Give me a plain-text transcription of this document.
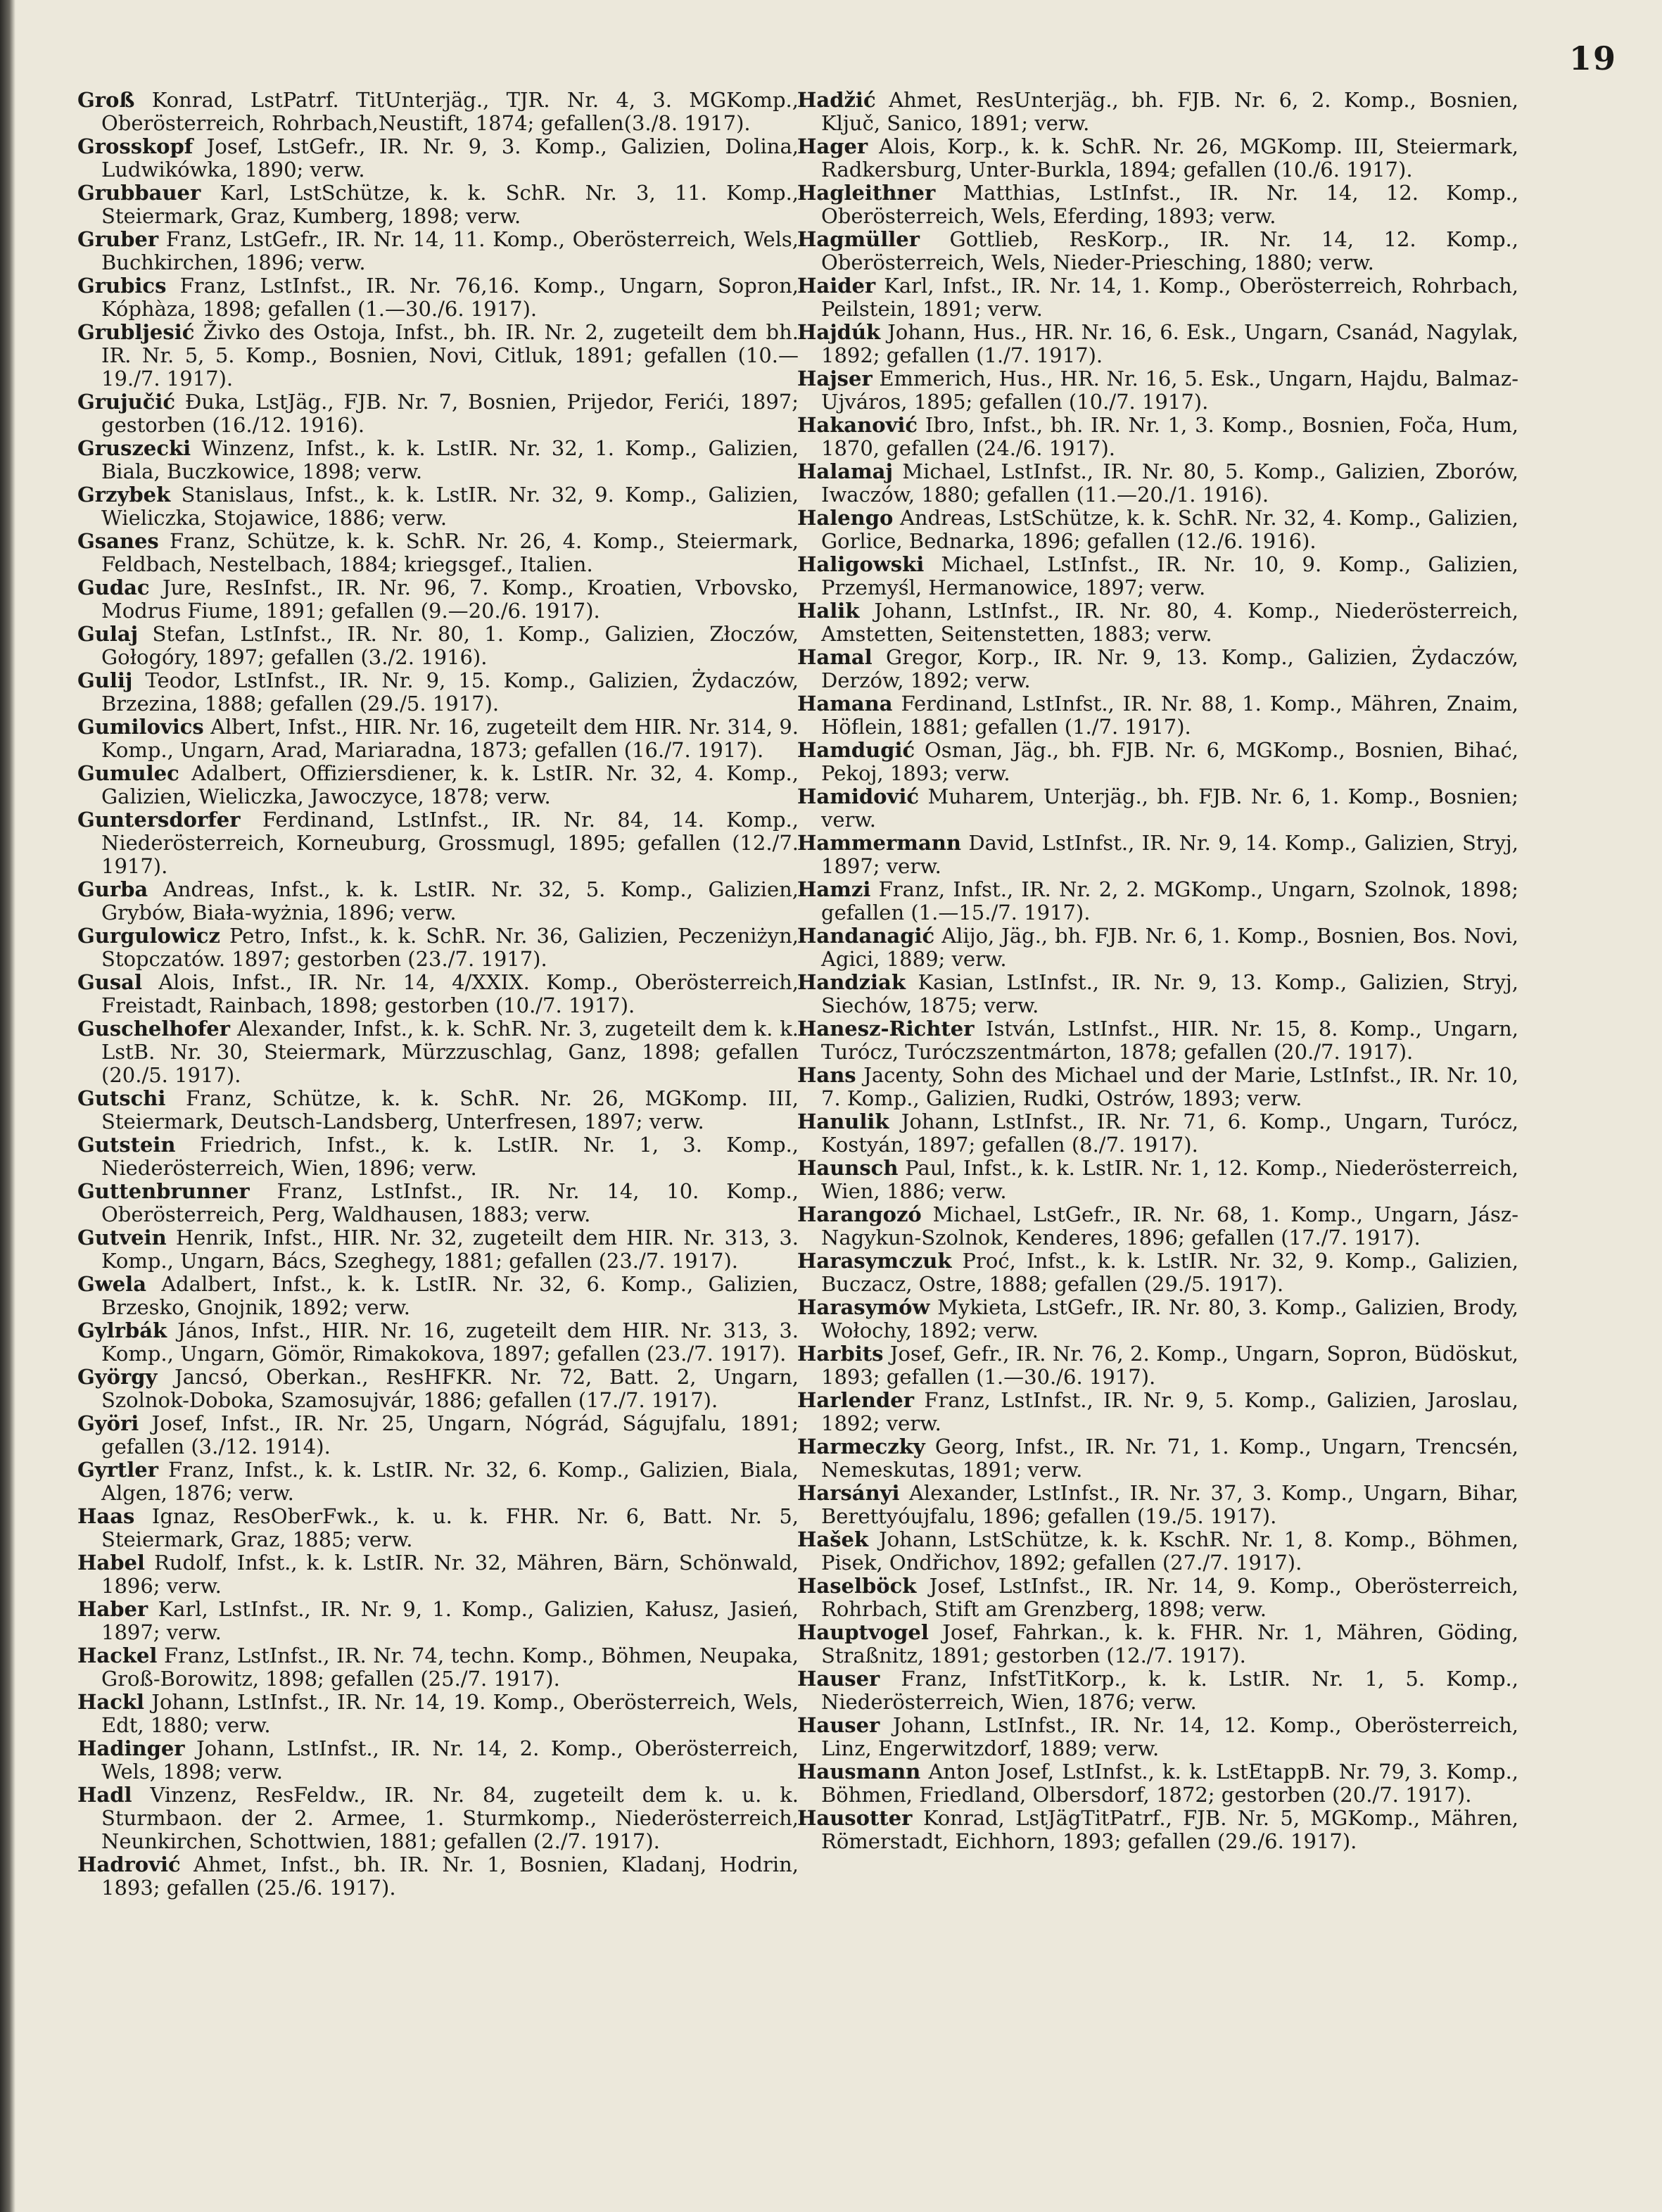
19
Groß Konrad, LstPatrf. TitUnterjäg., TJR. Nr. 4, 3. MGKomp., Oberösterreich, Rohrbach,Neustift, 1874; gefallen(3./8. 1917).
Grosskopf Josef, LstGefr., IR. Nr. 9, 3. Komp., Galizien, Dolina, Ludwikówka, 1890; verw.
Grubbauer Karl, LstSchütze, k. k. SchR. Nr. 3, 11. Komp., Steiermark, Graz, Kumberg, 1898; verw.
Gruber Franz, LstGefr., IR. Nr. 14, 11. Komp., Oberösterreich, Wels, Buchkirchen, 1896; verw.
Grubics Franz, LstInfst., IR. Nr. 76,16. Komp., Ungarn, Sopron, Kóphàza, 1898; gefallen (1.—30./6. 1917).
Grubljesić Živko des Ostoja, Infst., bh. IR. Nr. 2, zugeteilt dem bh. IR. Nr. 5, 5. Komp., Bosnien, Novi, Citluk, 1891; gefallen (10.—19./7. 1917).
Grujučić Đuka, LstJäg., FJB. Nr. 7, Bosnien, Prijedor, Ferići, 1897; gestorben (16./12. 1916).
Gruszecki Winzenz, Infst., k. k. LstIR. Nr. 32, 1. Komp., Galizien, Biala, Buczkowice, 1898; verw.
Grzybek Stanislaus, Infst., k. k. LstIR. Nr. 32, 9. Komp., Galizien, Wieliczka, Stojawice, 1886; verw.
Gsanes Franz, Schütze, k. k. SchR. Nr. 26, 4. Komp., Steiermark, Feldbach, Nestelbach, 1884; kriegsgef., Italien.
Gudac Jure, ResInfst., IR. Nr. 96, 7. Komp., Kroatien, Vrbovsko, Modrus Fiume, 1891; gefallen (9.—20./6. 1917).
Gulaj Stefan, LstInfst., IR. Nr. 80, 1. Komp., Galizien, Złoczów, Gołogóry, 1897; gefallen (3./2. 1916).
Gulij Teodor, LstInfst., IR. Nr. 9, 15. Komp., Galizien, Żydaczów, Brzezina, 1888; gefallen (29./5. 1917).
Gumilovics Albert, Infst., HIR. Nr. 16, zugeteilt dem HIR. Nr. 314, 9. Komp., Ungarn, Arad, Mariaradna, 1873; gefallen (16./7. 1917).
Gumulec Adalbert, Offiziersdiener, k. k. LstIR. Nr. 32, 4. Komp., Galizien, Wieliczka, Jawoczyce, 1878; verw.
Guntersdorfer Ferdinand, LstInfst., IR. Nr. 84, 14. Komp., Niederösterreich, Korneuburg, Grossmugl, 1895; gefallen (12./7. 1917).
Gurba Andreas, Infst., k. k. LstIR. Nr. 32, 5. Komp., Galizien, Grybów, Biała-wyżnia, 1896; verw.
Gurgulowicz Petro, Infst., k. k. SchR. Nr. 36, Galizien, Peczeniżyn, Stopczatów. 1897; gestorben (23./7. 1917).
Gusal Alois, Infst., IR. Nr. 14, 4/XXIX. Komp., Oberösterreich, Freistadt, Rainbach, 1898; gestorben (10./7. 1917).
Guschelhofer Alexander, Infst., k. k. SchR. Nr. 3, zugeteilt dem k. k. LstB. Nr. 30, Steiermark, Mürzzuschlag, Ganz, 1898; gefallen (20./5. 1917).
Gutschi Franz, Schütze, k. k. SchR. Nr. 26, MGKomp. III, Steiermark, Deutsch-Landsberg, Unterfresen, 1897; verw.
Gutstein Friedrich, Infst., k. k. LstIR. Nr. 1, 3. Komp., Niederösterreich, Wien, 1896; verw.
Guttenbrunner Franz, LstInfst., IR. Nr. 14, 10. Komp., Oberösterreich, Perg, Waldhausen, 1883; verw.
Gutvein Henrik, Infst., HIR. Nr. 32, zugeteilt dem HIR. Nr. 313, 3. Komp., Ungarn, Bács, Szeghegy, 1881; gefallen (23./7. 1917).
Gwela Adalbert, Infst., k. k. LstIR. Nr. 32, 6. Komp., Galizien, Brzesko, Gnojnik, 1892; verw.
Gylrbák János, Infst., HIR. Nr. 16, zugeteilt dem HIR. Nr. 313, 3. Komp., Ungarn, Gömör, Rimakokova, 1897; gefallen (23./7. 1917).
György Jancsó, Oberkan., ResHFKR. Nr. 72, Batt. 2, Ungarn, Szolnok-Doboka, Szamosujvár, 1886; gefallen (17./7. 1917).
Györi Josef, Infst., IR. Nr. 25, Ungarn, Nógrád, Ságujfalu, 1891; gefallen (3./12. 1914).
Gyrtler Franz, Infst., k. k. LstIR. Nr. 32, 6. Komp., Galizien, Biala, Algen, 1876; verw.
Haas Ignaz, ResOberFwk., k. u. k. FHR. Nr. 6, Batt. Nr. 5, Steiermark, Graz, 1885; verw.
Habel Rudolf, Infst., k. k. LstIR. Nr. 32, Mähren, Bärn, Schönwald, 1896; verw.
Haber Karl, LstInfst., IR. Nr. 9, 1. Komp., Galizien, Kałusz, Jasień, 1897; verw.
Hackel Franz, LstInfst., IR. Nr. 74, techn. Komp., Böhmen, Neupaka, Groß-Borowitz, 1898; gefallen (25./7. 1917).
Hackl Johann, LstInfst., IR. Nr. 14, 19. Komp., Oberösterreich, Wels, Edt, 1880; verw.
Hadinger Johann, LstInfst., IR. Nr. 14, 2. Komp., Oberösterreich, Wels, 1898; verw.
Hadl Vinzenz, ResFeldw., IR. Nr. 84, zugeteilt dem k. u. k. Sturmbaon. der 2. Armee, 1. Sturmkomp., Niederösterreich, Neunkirchen, Schottwien, 1881; gefallen (2./7. 1917).
Hadrović Ahmet, Infst., bh. IR. Nr. 1, Bosnien, Kladanj, Hodrin, 1893; gefallen (25./6. 1917).
Hadžić Ahmet, ResUnterjäg., bh. FJB. Nr. 6, 2. Komp., Bosnien, Ključ, Sanico, 1891; verw.
Hager Alois, Korp., k. k. SchR. Nr. 26, MGKomp. III, Steiermark, Radkersburg, Unter-Burkla, 1894; gefallen (10./6. 1917).
Hagleithner Matthias, LstInfst., IR. Nr. 14, 12. Komp., Oberösterreich, Wels, Eferding, 1893; verw.
Hagmüller Gottlieb, ResKorp., IR. Nr. 14, 12. Komp., Oberösterreich, Wels, Nieder-Priesching, 1880; verw.
Haider Karl, Infst., IR. Nr. 14, 1. Komp., Oberösterreich, Rohrbach, Peilstein, 1891; verw.
Hajdúk Johann, Hus., HR. Nr. 16, 6. Esk., Ungarn, Csanád, Nagylak, 1892; gefallen (1./7. 1917).
Hajser Emmerich, Hus., HR. Nr. 16, 5. Esk., Ungarn, Hajdu, Balmaz-Ujváros, 1895; gefallen (10./7. 1917).
Hakanović Ibro, Infst., bh. IR. Nr. 1, 3. Komp., Bosnien, Foča, Hum, 1870, gefallen (24./6. 1917).
Halamaj Michael, LstInfst., IR. Nr. 80, 5. Komp., Galizien, Zborów, Iwaczów, 1880; gefallen (11.—20./1. 1916).
Halengo Andreas, LstSchütze, k. k. SchR. Nr. 32, 4. Komp., Galizien, Gorlice, Bednarka, 1896; gefallen (12./6. 1916).
Haligowski Michael, LstInfst., IR. Nr. 10, 9. Komp., Galizien, Przemyśl, Hermanowice, 1897; verw.
Halik Johann, LstInfst., IR. Nr. 80, 4. Komp., Niederösterreich, Amstetten, Seitenstetten, 1883; verw.
Hamal Gregor, Korp., IR. Nr. 9, 13. Komp., Galizien, Żydaczów, Derzów, 1892; verw.
Hamana Ferdinand, LstInfst., IR. Nr. 88, 1. Komp., Mähren, Znaim, Höflein, 1881; gefallen (1./7. 1917).
Hamdugić Osman, Jäg., bh. FJB. Nr. 6, MGKomp., Bosnien, Bihać, Pekoj, 1893; verw.
Hamidović Muharem, Unterjäg., bh. FJB. Nr. 6, 1. Komp., Bosnien; verw.
Hammermann David, LstInfst., IR. Nr. 9, 14. Komp., Galizien, Stryj, 1897; verw.
Hamzi Franz, Infst., IR. Nr. 2, 2. MGKomp., Ungarn, Szolnok, 1898; gefallen (1.—15./7. 1917).
Handanagić Alijo, Jäg., bh. FJB. Nr. 6, 1. Komp., Bosnien, Bos. Novi, Agici, 1889; verw.
Handziak Kasian, LstInfst., IR. Nr. 9, 13. Komp., Galizien, Stryj, Siechów, 1875; verw.
Hanesz-Richter István, LstInfst., HIR. Nr. 15, 8. Komp., Ungarn, Turócz, Turóczszentmárton, 1878; gefallen (20./7. 1917).
Hans Jacenty, Sohn des Michael und der Marie, LstInfst., IR. Nr. 10, 7. Komp., Galizien, Rudki, Ostrów, 1893; verw.
Hanulik Johann, LstInfst., IR. Nr. 71, 6. Komp., Ungarn, Turócz, Kostyán, 1897; gefallen (8./7. 1917).
Haunsch Paul, Infst., k. k. LstIR. Nr. 1, 12. Komp., Niederösterreich, Wien, 1886; verw.
Harangozó Michael, LstGefr., IR. Nr. 68, 1. Komp., Ungarn, Jász-Nagykun-Szolnok, Kenderes, 1896; gefallen (17./7. 1917).
Harasymczuk Proć, Infst., k. k. LstIR. Nr. 32, 9. Komp., Galizien, Buczacz, Ostre, 1888; gefallen (29./5. 1917).
Harasymów Mykieta, LstGefr., IR. Nr. 80, 3. Komp., Galizien, Brody, Wołochy, 1892; verw.
Harbits Josef, Gefr., IR. Nr. 76, 2. Komp., Ungarn, Sopron, Büdöskut, 1893; gefallen (1.—30./6. 1917).
Harlender Franz, LstInfst., IR. Nr. 9, 5. Komp., Galizien, Jaroslau, 1892; verw.
Harmeczky Georg, Infst., IR. Nr. 71, 1. Komp., Ungarn, Trencsén, Nemeskutas, 1891; verw.
Harsányi Alexander, LstInfst., IR. Nr. 37, 3. Komp., Ungarn, Bihar, Berettyóujfalu, 1896; gefallen (19./5. 1917).
Hašek Johann, LstSchütze, k. k. KschR. Nr. 1, 8. Komp., Böhmen, Pisek, Ondřichov, 1892; gefallen (27./7. 1917).
Haselböck Josef, LstInfst., IR. Nr. 14, 9. Komp., Oberösterreich, Rohrbach, Stift am Grenzberg, 1898; verw.
Hauptvogel Josef, Fahrkan., k. k. FHR. Nr. 1, Mähren, Göding, Straßnitz, 1891; gestorben (12./7. 1917).
Hauser Franz, InfstTitKorp., k. k. LstIR. Nr. 1, 5. Komp., Niederösterreich, Wien, 1876; verw.
Hauser Johann, LstInfst., IR. Nr. 14, 12. Komp., Oberösterreich, Linz, Engerwitzdorf, 1889; verw.
Hausmann Anton Josef, LstInfst., k. k. LstEtappB. Nr. 79, 3. Komp., Böhmen, Friedland, Olbersdorf, 1872; gestorben (20./7. 1917).
Hausotter Konrad, LstJägTitPatrf., FJB. Nr. 5, MGKomp., Mähren, Römerstadt, Eichhorn, 1893; gefallen (29./6. 1917).
